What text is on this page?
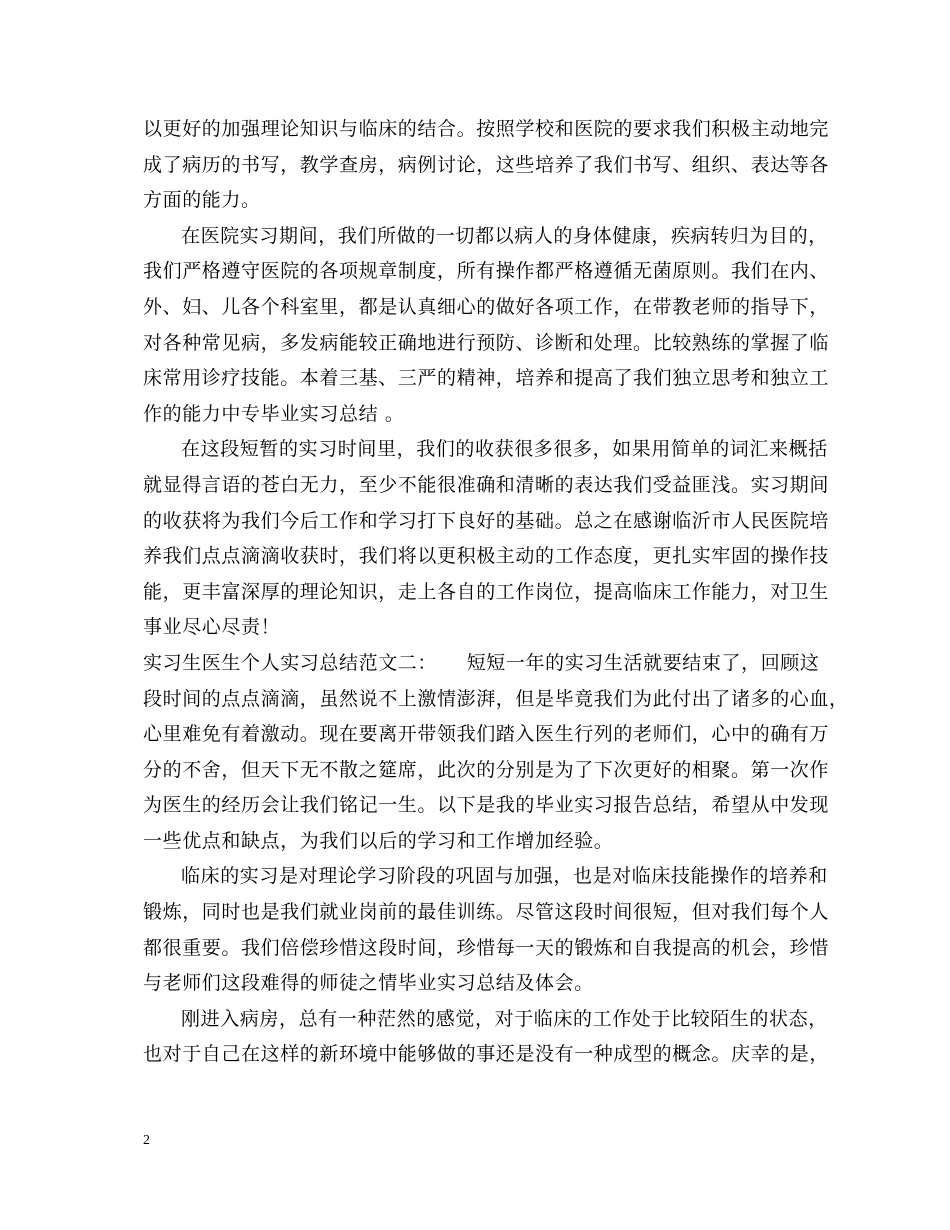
以更好的加强理论知识与临床的结合。按照学校和医院的要求我们积极主动地完
成了病历的书写，教学查房，病例讨论，这些培养了我们书写、组织、表达等各
方面的能力。
在医院实习期间，我们所做的一切都以病人的身体健康，疾病转归为目的，
我们严格遵守医院的各项规章制度，所有操作都严格遵循无菌原则。我们在内、
外、妇、儿各个科室里，都是认真细心的做好各项工作，在带教老师的指导下，
对各种常见病，多发病能较正确地进行预防、诊断和处理。比较熟练的掌握了临
床常用诊疗技能。本着三基、三严的精神，培养和提高了我们独立思考和独立工
作的能力中专毕业实习总结 。
在这段短暂的实习时间里，我们的收获很多很多，如果用简单的词汇来概括
就显得言语的苍白无力，至少不能很准确和清晰的表达我们受益匪浅。实习期间
的收获将为我们今后工作和学习打下良好的基础。总之在感谢临沂市人民医院培
养我们点点滴滴收获时，我们将以更积极主动的工作态度，更扎实牢固的操作技
能，更丰富深厚的理论知识，走上各自的工作岗位，提高临床工作能力，对卫生
事业尽心尽责！
实习生医生个人实习总结范文二：　　短短一年的实习生活就要结束了，回顾这
段时间的点点滴滴，虽然说不上激情澎湃，但是毕竟我们为此付出了诸多的心血，
心里难免有着激动。现在要离开带领我们踏入医生行列的老师们，心中的确有万
分的不舍，但天下无不散之筵席，此次的分别是为了下次更好的相聚。第一次作
为医生的经历会让我们铭记一生。以下是我的毕业实习报告总结，希望从中发现
一些优点和缺点，为我们以后的学习和工作增加经验。
临床的实习是对理论学习阶段的巩固与加强，也是对临床技能操作的培养和
锻炼，同时也是我们就业岗前的最佳训练。尽管这段时间很短，但对我们每个人
都很重要。我们倍偿珍惜这段时间，珍惜每一天的锻炼和自我提高的机会，珍惜
与老师们这段难得的师徒之情毕业实习总结及体会。
刚进入病房，总有一种茫然的感觉，对于临床的工作处于比较陌生的状态，
也对于自己在这样的新环境中能够做的事还是没有一种成型的概念。庆幸的是，
2
